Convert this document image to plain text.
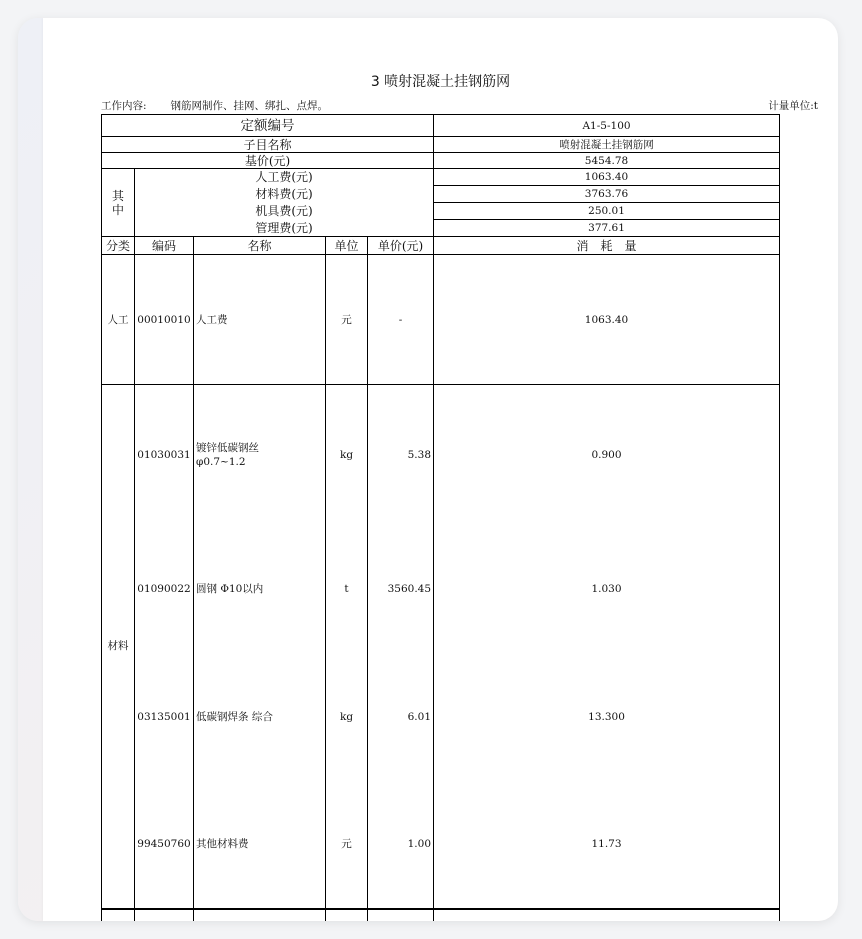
3 喷射混凝土挂钢筋网
工作内容: 钢筋网制作、挂网、绑扎、点焊。	计量单位:t
定额编号					A1-5-100
子目名称					喷射混凝土挂钢筋网
基价(元)					5454.78

其
中	人工费(元)				1063.40
	材料费(元)				3763.76
	机具费(元)				250.01
	管理费(元)				377.61
分类	编码	名称	单位	单价(元)	消　耗　量
人工	00010010	人工费	元	-	1063.40
材料	01030031	镀锌低碳钢丝
φ0.7~1.2	kg	5.38	0.900
	01090022	圆钢 Φ10以内	t	3560.45	1.030
	03135001	低碳钢焊条 综合	kg	6.01	13.300
	99450760	其他材料费	元	1.00	11.73
